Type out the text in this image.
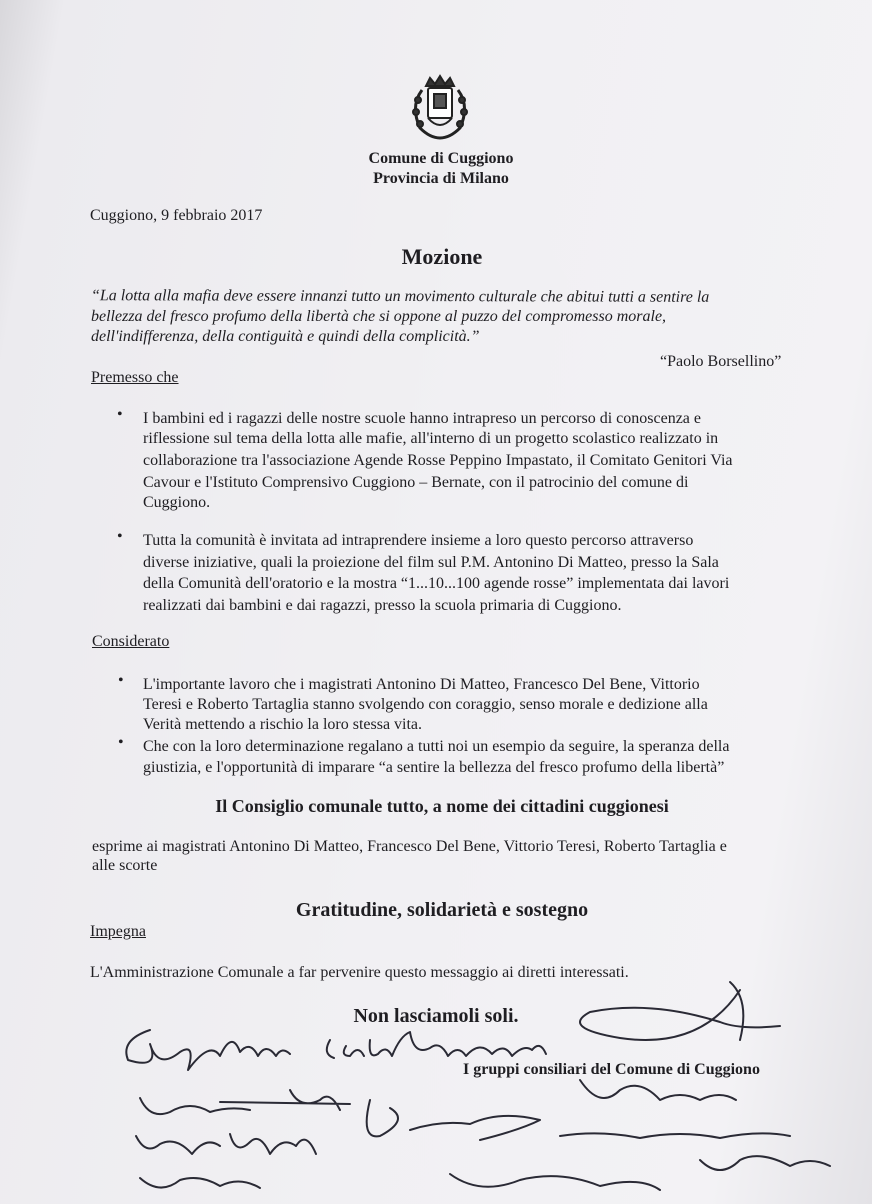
Comune di Cuggiono
Provincia di Milano
Cuggiono, 9 febbraio 2017
Mozione
“La lotta alla mafia deve essere innanzi tutto un movimento culturale che abitui tutti a sentire la
bellezza del fresco profumo della libertà che si oppone al puzzo del compromesso morale,
dell'indifferenza, della contiguità e quindi della complicità.”
“Paolo Borsellino”
Premesso che
• I bambini ed i ragazzi delle nostre scuole hanno intrapreso un percorso di conoscenza e
riflessione sul tema della lotta alle mafie, all'interno di un progetto scolastico realizzato in
collaborazione tra l'associazione Agende Rosse Peppino Impastato, il Comitato Genitori Via
Cavour e l'Istituto Comprensivo Cuggiono – Bernate, con il patrocinio del comune di
Cuggiono.
• Tutta la comunità è invitata ad intraprendere insieme a loro questo percorso attraverso
diverse iniziative, quali la proiezione del film sul P.M. Antonino Di Matteo, presso la Sala
della Comunità dell'oratorio e la mostra “1...10...100 agende rosse” implementata dai lavori
realizzati dai bambini e dai ragazzi, presso la scuola primaria di Cuggiono.
Considerato
• L'importante lavoro che i magistrati Antonino Di Matteo, Francesco Del Bene, Vittorio
Teresi e Roberto Tartaglia stanno svolgendo con coraggio, senso morale e dedizione alla
Verità mettendo a rischio la loro stessa vita.
• Che con la loro determinazione regalano a tutti noi un esempio da seguire, la speranza della
giustizia, e l'opportunità di imparare “a sentire la bellezza del fresco profumo della libertà”
Il Consiglio comunale tutto, a nome dei cittadini cuggionesi
esprime ai magistrati Antonino Di Matteo, Francesco Del Bene, Vittorio Teresi, Roberto Tartaglia e
alle scorte
Gratitudine, solidarietà e sostegno
Impegna
L'Amministrazione Comunale a far pervenire questo messaggio ai diretti interessati.
Non lasciamoli soli.
I gruppi consiliari del Comune di Cuggiono
